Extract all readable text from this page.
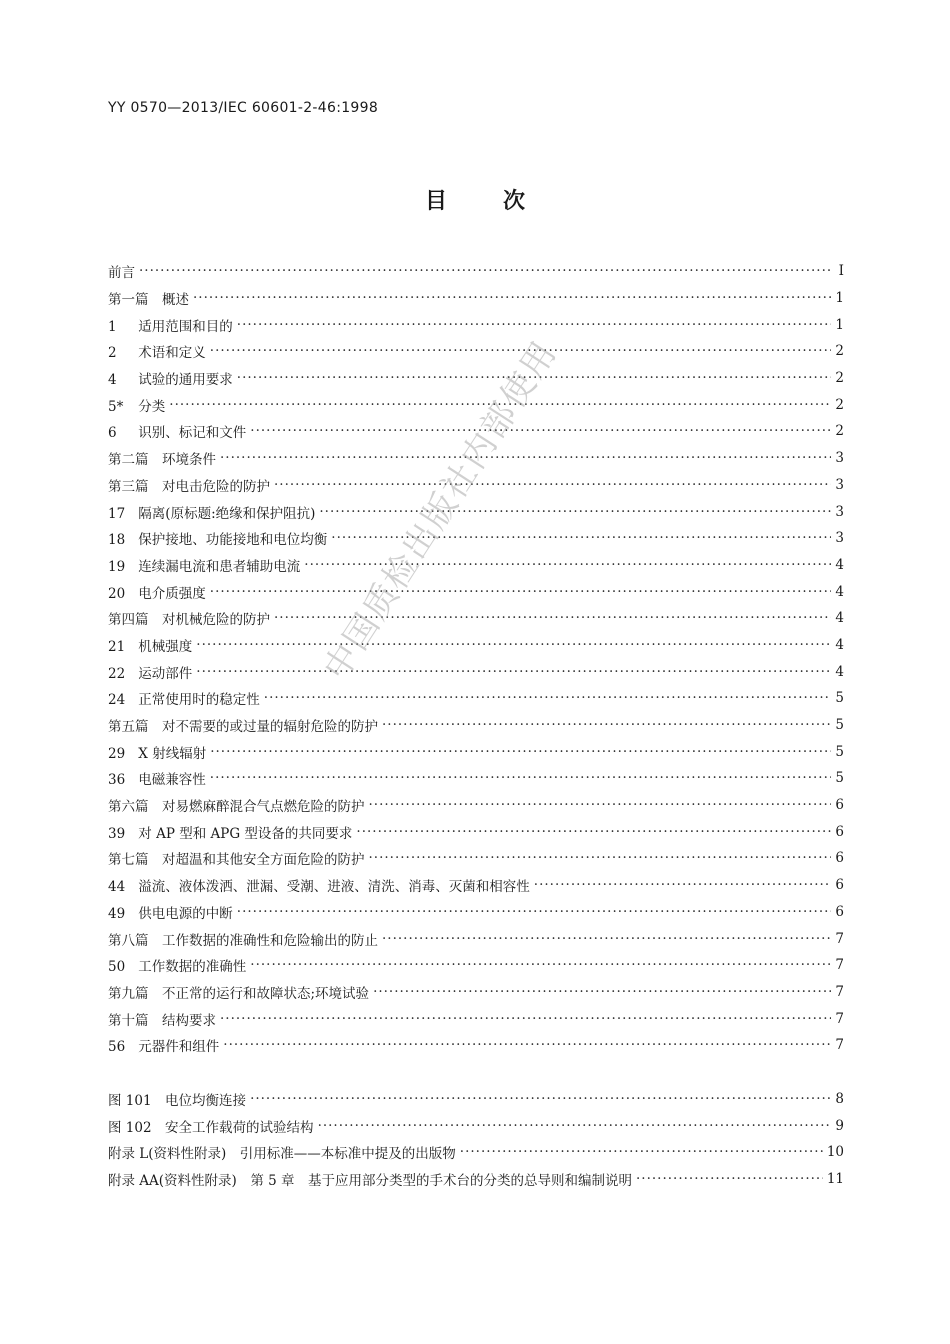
YY 0570—2013/IEC 60601-2-46:1998
目次
前言 ·····	Ⅰ
第一篇　概述 ·····	1
1 适用范围和目的 ·····	1
2 术语和定义 ·····	2
4 试验的通用要求 ·····	2
5* 分类 ·····	2
6 识别、标记和文件 ·····	2
第二篇　环境条件 ·····	3
第三篇　对电击危险的防护 ·····	3
17 隔离(原标题:绝缘和保护阻抗) ·····	3
18 保护接地、功能接地和电位均衡 ·····	3
19 连续漏电流和患者辅助电流 ·····	4
20 电介质强度 ·····	4
第四篇　对机械危险的防护 ·····	4
21 机械强度 ·····	4
22 运动部件 ·····	4
24 正常使用时的稳定性 ·····	5
第五篇　对不需要的或过量的辐射危险的防护 ·····	5
29 X 射线辐射 ·····	5
36 电磁兼容性 ·····	5
第六篇　对易燃麻醉混合气点燃危险的防护 ·····	6
39 对 AP 型和 APG 型设备的共同要求 ·····	6
第七篇　对超温和其他安全方面危险的防护 ·····	6
44 溢流、液体泼洒、泄漏、受潮、进液、清洗、消毒、灭菌和相容性 ·····	6
49 供电电源的中断 ·····	6
第八篇　工作数据的准确性和危险输出的防止 ·····	7
50 工作数据的准确性 ·····	7
第九篇　不正常的运行和故障状态;环境试验 ·····	7
第十篇　结构要求 ·····	7
56 元器件和组件 ·····	7
图 101　电位均衡连接 ·····	8
图 102　安全工作载荷的试验结构 ·····	9
附录 L(资料性附录)　引用标准——本标准中提及的出版物 ·····	10
附录 AA(资料性附录)　第 5 章　基于应用部分类型的手术台的分类的总导则和编制说明 ·····	11
中国质检出版社内部使用
